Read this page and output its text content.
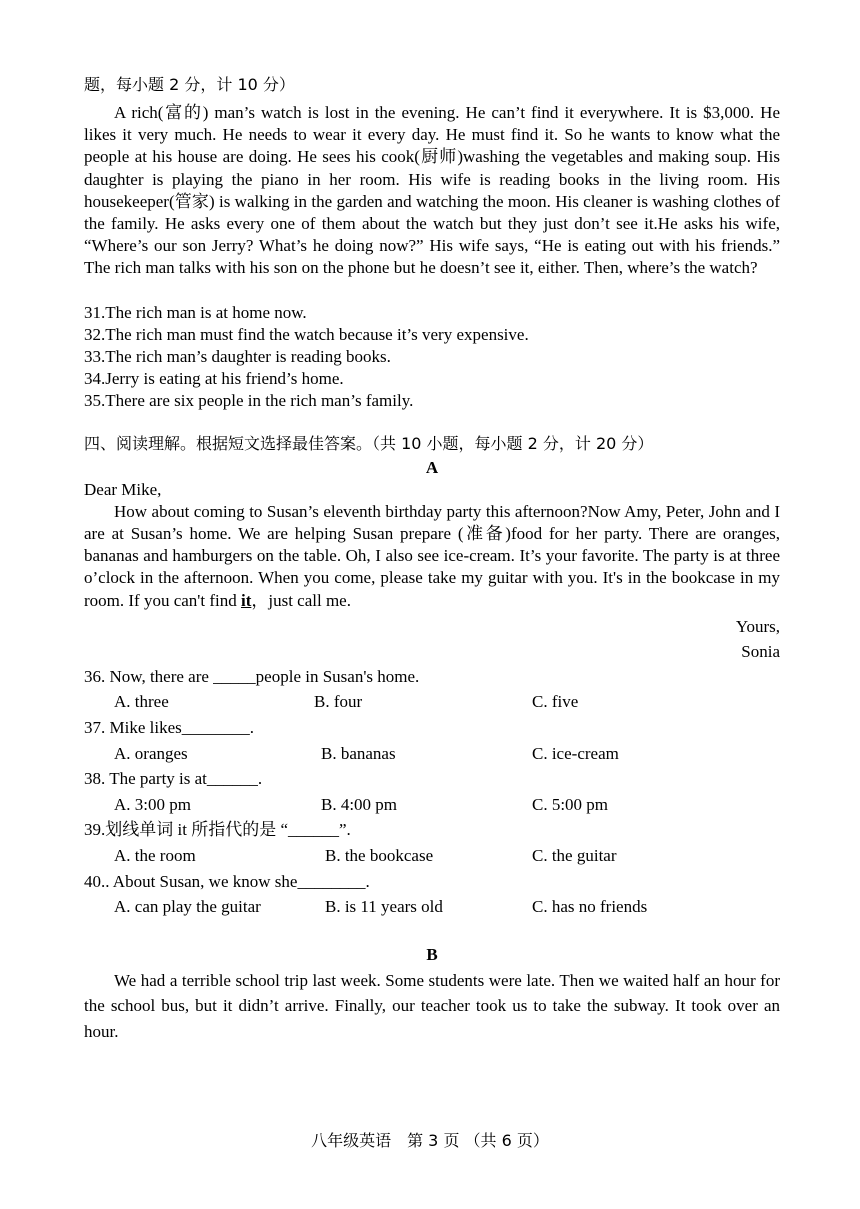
题，每小题 2 分，计 10 分）

A rich(富的) man’s watch is lost in the evening. He can’t find it everywhere. It is $3,000. He likes it very much. He needs to wear it every day. He must find it. So he wants to know what the people at his house are doing. He sees his cook(厨师)washing the vegetables and making soup. His daughter is playing the piano in her room. His wife is reading books in the living room. His housekeeper(管家) is walking in the garden and watching the moon. His cleaner is washing clothes of the family. He asks every one of them about the watch but they just don’t see it.He asks his wife, “Where’s our son Jerry? What’s he doing now?” His wife says, “He is eating out with his friends.” The rich man talks with his son on the phone but he doesn’t see it, either. Then, where’s the watch?

31.The rich man is at home now.

32.The rich man must find the watch because it’s very expensive.

33.The rich man’s daughter is reading books.

34.Jerry is eating at his friend’s home.

35.There are six people in the rich man’s family.

四、阅读理解。根据短文选择最佳答案。（共 10 小题，每小题 2 分，计 20 分）

A

Dear Mike,

How about coming to Susan’s eleventh birthday party this afternoon?Now Amy, Peter, John and I are at Susan’s home. We are helping Susan prepare (准备)food for her party. There are oranges, bananas and hamburgers on the table. Oh, I also see ice-cream. It’s your favorite. The party is at three o’clock in the afternoon. When you come, please take my guitar with you. It's in the bookcase in my room. If you can't find it，just call me.

Yours,

Sonia

36. Now, there are _____people in Susan's home.

A. three	B. four	C. five

37. Mike likes________.

A. oranges	B. bananas	C. ice-cream

38. The party is at______.

A. 3:00 pm	B. 4:00 pm	C. 5:00 pm

39.划线单词 it 所指代的是 “______”.

A. the room	B. the bookcase	C. the guitar

40.. About Susan, we know she________.

A. can play the guitar	B. is 11 years old	C. has no friends

B

We had a terrible school trip last week. Some students were late. Then we waited half an hour for the school bus, but it didn’t arrive. Finally, our teacher took us to take the subway. It took over an hour.

八年级英语　第 3 页 （共 6 页）
